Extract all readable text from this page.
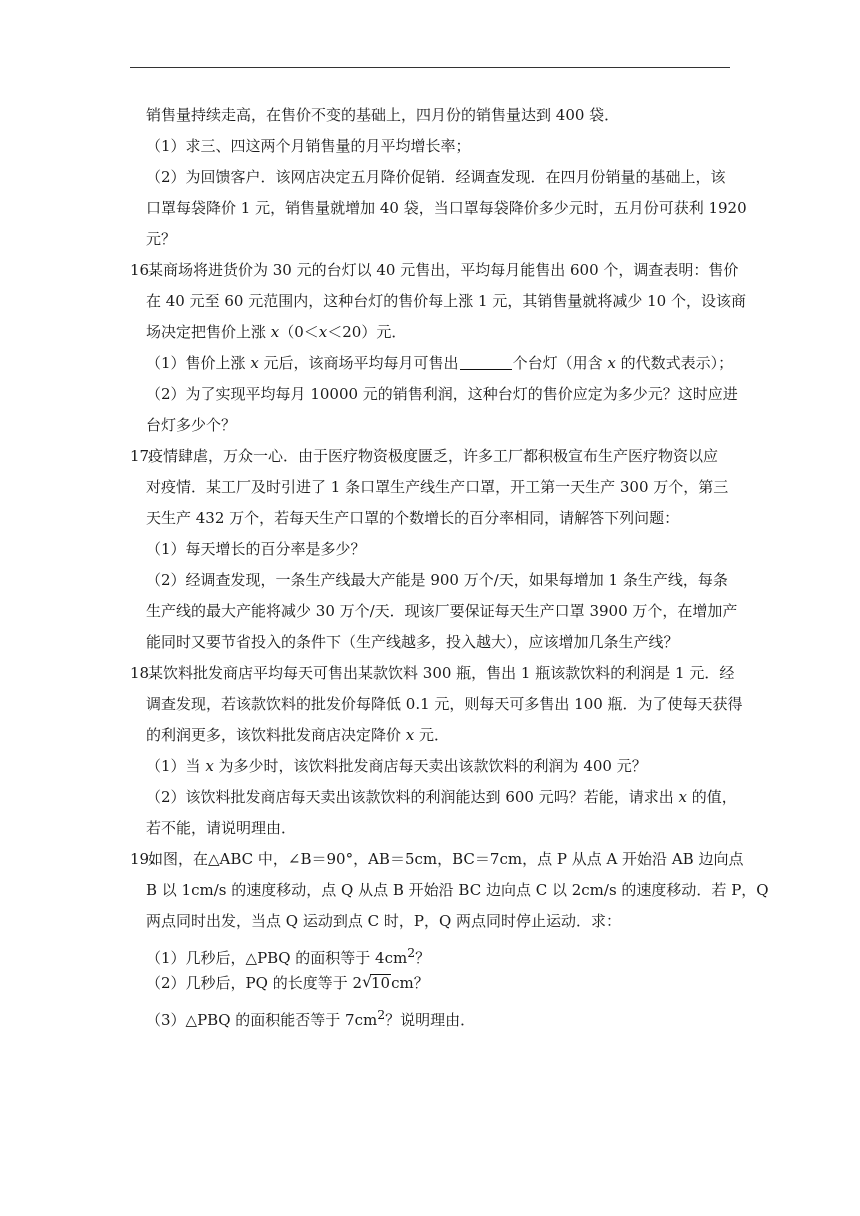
销售量持续走高，在售价不变的基础上，四月份的销售量达到 400 袋．
（1）求三、四这两个月销售量的月平均增长率；
（2）为回馈客户．该网店决定五月降价促销．经调查发现．在四月份销量的基础上，该
口罩每袋降价 1 元，销售量就增加 40 袋，当口罩每袋降价多少元时，五月份可获利 1920
元？
16.某商场将进货价为 30 元的台灯以 40 元售出，平均每月能售出 600 个，调查表明：售价
在 40 元至 60 元范围内，这种台灯的售价每上涨 1 元，其销售量就将减少 10 个，设该商
场决定把售价上涨 x（0＜x＜20）元．
（1）售价上涨 x 元后，该商场平均每月可售出	个台灯（用含 x 的代数式表示）；
（2）为了实现平均每月 10000 元的销售利润，这种台灯的售价应定为多少元？这时应进
台灯多少个？
17.疫情肆虐，万众一心．由于医疗物资极度匮乏，许多工厂都积极宣布生产医疗物资以应
对疫情．某工厂及时引进了 1 条口罩生产线生产口罩，开工第一天生产 300 万个，第三
天生产 432 万个，若每天生产口罩的个数增长的百分率相同，请解答下列问题：
（1）每天增长的百分率是多少？
（2）经调查发现，一条生产线最大产能是 900 万个/天，如果每增加 1 条生产线，每条
生产线的最大产能将减少 30 万个/天．现该厂要保证每天生产口罩 3900 万个，在增加产
能同时又要节省投入的条件下（生产线越多，投入越大），应该增加几条生产线？
18.某饮料批发商店平均每天可售出某款饮料 300 瓶，售出 1 瓶该款饮料的利润是 1 元．经
调查发现，若该款饮料的批发价每降低 0.1 元，则每天可多售出 100 瓶．为了使每天获得
的利润更多，该饮料批发商店决定降价 x 元．
（1）当 x 为多少时，该饮料批发商店每天卖出该款饮料的利润为 400 元？
（2）该饮料批发商店每天卖出该款饮料的利润能达到 600 元吗？若能，请求出 x 的值，
若不能，请说明理由．
19.如图，在△ABC 中，∠B＝90°，AB＝5cm，BC＝7cm，点 P 从点 A 开始沿 AB 边向点
B 以 1cm/s 的速度移动，点 Q 从点 B 开始沿 BC 边向点 C 以 2cm/s 的速度移动．若 P，Q
两点同时出发，当点 Q 运动到点 C 时，P，Q 两点同时停止运动．求：
（1）几秒后，△PBQ 的面积等于 $4cm^2$？
（2）几秒后，PQ 的长度等于 2 √
10cm？
（3）△PBQ 的面积能否等于 $7cm^2$？说明理由．
